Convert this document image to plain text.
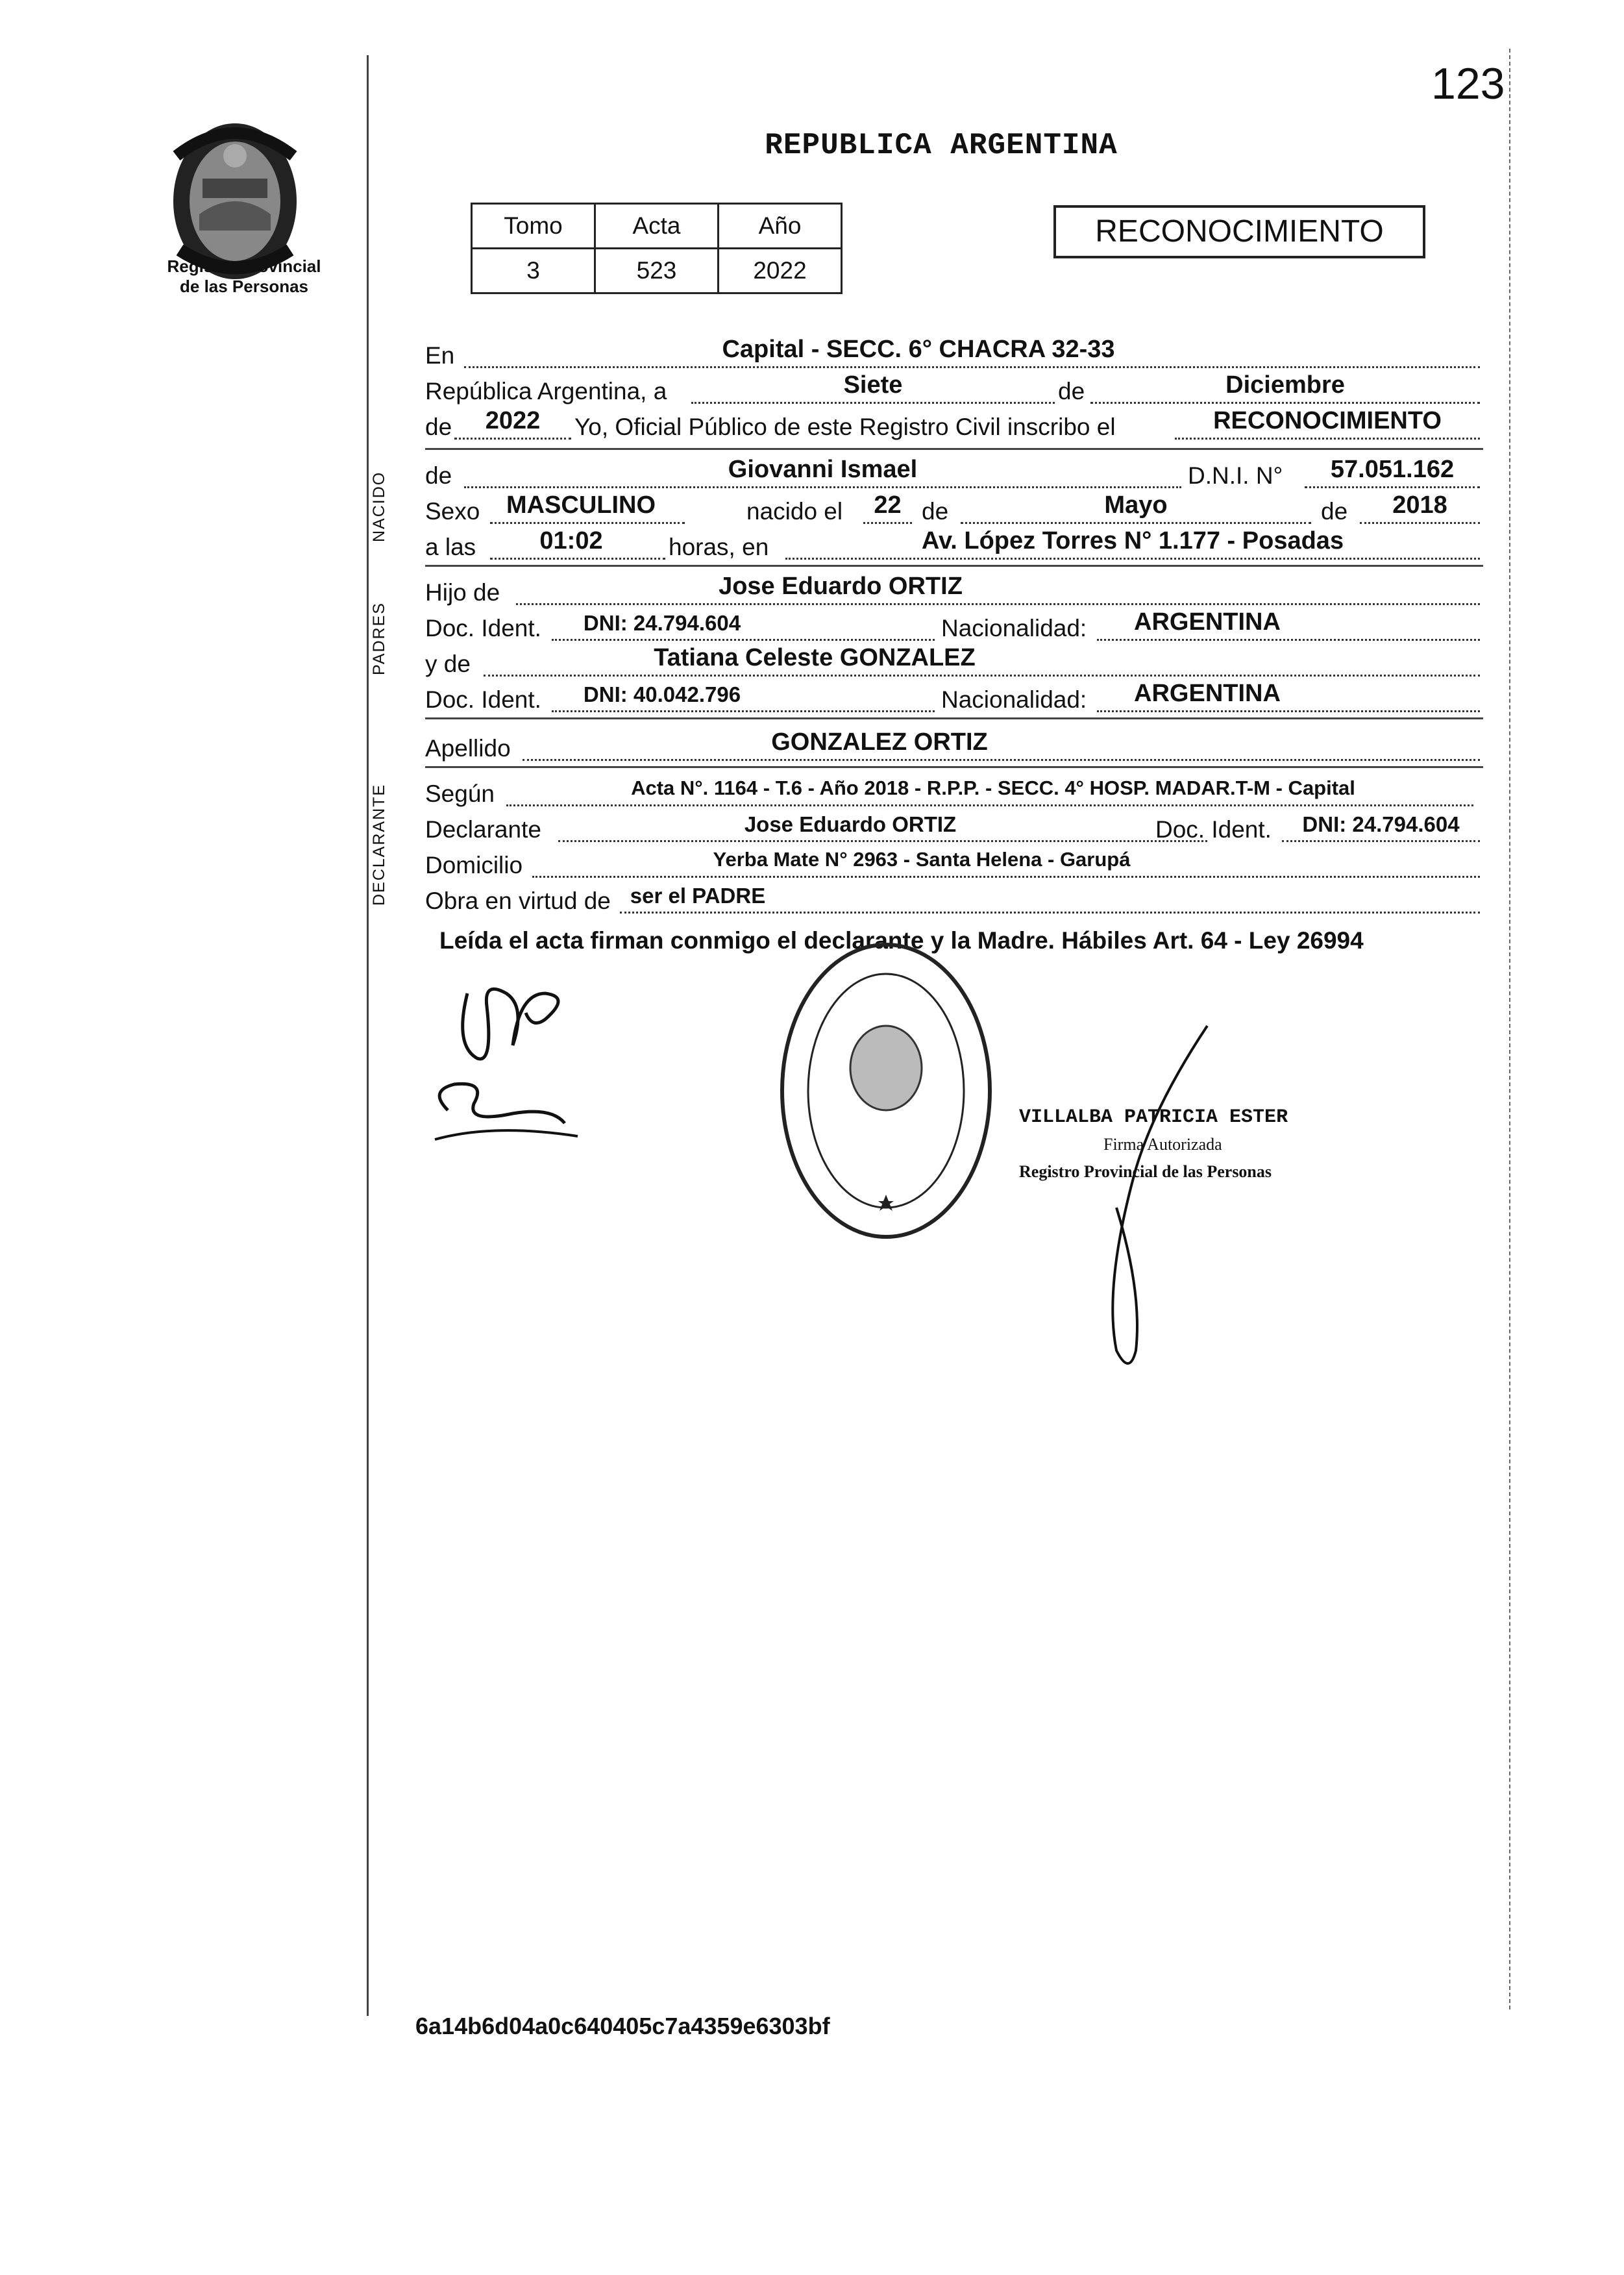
123
Registro Provincial
de las Personas
REPUBLICA ARGENTINA
Tomo	Acta	Año
3	523	2022
RECONOCIMIENTO
En	Capital - SECC. 6° CHACRA 32-33
República Argentina, a	Siete	de	Diciembre
de	2022	Yo, Oficial Público de este Registro Civil inscribo el	RECONOCIMIENTO
NACIDO de	Giovanni Ismael	D.N.I. N°	57.051.162
Sexo	MASCULINO	nacido el	22 de	Mayo	de	2018
a las	01:02	horas, en	Av. López Torres N° 1.177 - Posadas
PADRES
Hijo de	Jose Eduardo ORTIZ
Doc. Ident.	DNI: 24.794.604	Nacionalidad:	ARGENTINA
y de	Tatiana Celeste GONZALEZ
Doc. Ident.	DNI: 40.042.796	Nacionalidad:	ARGENTINA
Apellido	GONZALEZ ORTIZ
DECLARANTE Según	Acta N°. 1164 - T.6 - Año 2018 - R.P.P. - SECC. 4° HOSP. MADAR.T-M - Capital
Declarante	Jose Eduardo ORTIZ	Doc. Ident.	DNI: 24.794.604
Domicilio	Yerba Mate N° 2963 - Santa Helena - Garupá
Obra en virtud de ser el PADRE
Leída el acta firman conmigo el declarante y la Madre. Hábiles Art. 64 - Ley 26994
VILLALBA PATRICIA ESTER
Firma Autorizada
Registro Provincial de las Personas
6a14b6d04a0c640405c7a4359e6303bf
